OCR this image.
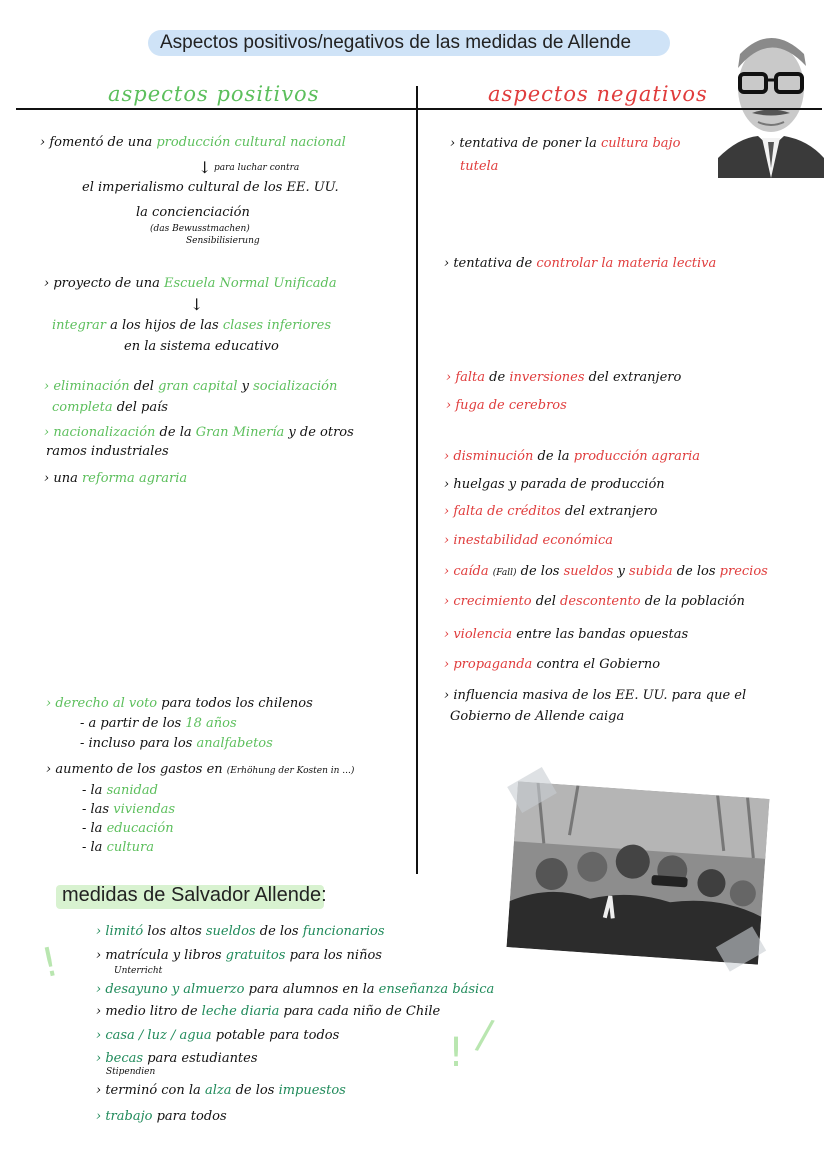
Aspectos positivos/negativos de las medidas de Allende
aspectos positivos	aspectos negativos
› fomentó de una producción cultural nacional
↓ para luchar contra
el imperialismo cultural de los EE. UU.
la concienciación
(das Bewusstmachen)
Sensibilisierung
› proyecto de una Escuela Normal Unificada
↓
integrar a los hijos de las clases inferiores
en la sistema educativo
› eliminación del gran capital y socialización
completa del país
› nacionalización de la Gran Minería y de otros
ramos industriales
› una reforma agraria
› derecho al voto para todos los chilenos
- a partir de los 18 años
- incluso para los analfabetos
› aumento de los gastos en (Erhöhung der Kosten in ...)
- la sanidad
- las viviendas
- la educación
- la cultura
› tentativa de poner la cultura bajo
tutela
› tentativa de controlar la materia lectiva
› falta de inversiones del extranjero
› fuga de cerebros
› disminución de la producción agraria
› huelgas y parada de producción
› falta de créditos del extranjero
› inestabilidad económica
› caída (Fall) de los sueldos y subida de los precios
› crecimiento del descontento de la población
› violencia entre las bandas opuestas
› propaganda contra el Gobierno
› influencia masiva de los EE. UU. para que el
Gobierno de Allende caiga
medidas de Salvador Allende:
› limitó los altos sueldos de los funcionarios
› matrícula y libros gratuitos para los niños
Unterricht
› desayuno y almuerzo para alumnos en la enseñanza básica
› medio litro de leche diaria para cada niño de Chile
› casa / luz / agua potable para todos
› becas para estudiantes
Stipendien
› terminó con la alza de los impuestos
› trabajo para todos
!
! /
